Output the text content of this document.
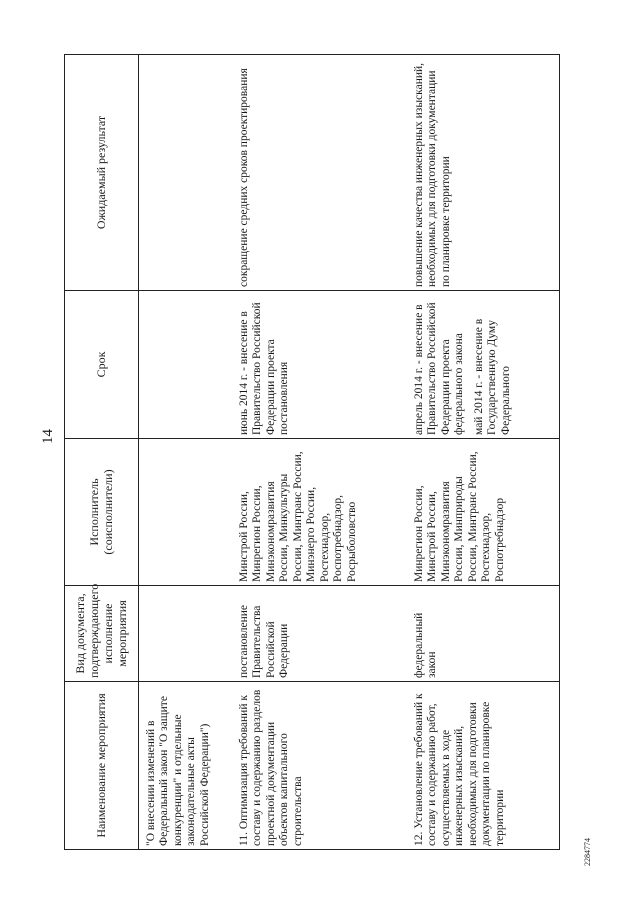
14
Наименование мероприятия	Вид документа, подтверждающего исполнение мероприятия	Исполнитель (соисполнители)	Срок	Ожидаемый результат
"О внесении изменений в Федеральный закон "О защите конкуренции" и отдельные законодательные акты Российской Федерации")				
11. Оптимизация требований к составу и содержанию разделов проектной документации объектов капитального строительства	постановление Правительства Российской Федерации	Минстрой России, Минрегион России, Минэкономразвития России, Минкультуры России, Минтранс России, Минэнерго России, Ростехнадзор, Роспотребнадзор, Росрыболовство	июнь 2014 г. - внесение в Правительство Российской Федерации проекта постановления	сокращение средних сроков проектирования
12. Установление требований к составу и содержанию работ, осуществляемых в ходе инженерных изысканий, необходимых для подготовки документации по планировке территории	федеральный закон	Минрегион России, Минстрой России, Минэкономразвития России, Минприроды России, Минтранс России, Ростехнадзор, Роспотребнадзор	апрель 2014 г. - внесение в Правительство Российской Федерации проекта федерального закона май 2014 г. - внесение в Государственную Думу Федерального	повышение качества инженерных изысканий, необходимых для подготовки документации по планировке территории
2284774
